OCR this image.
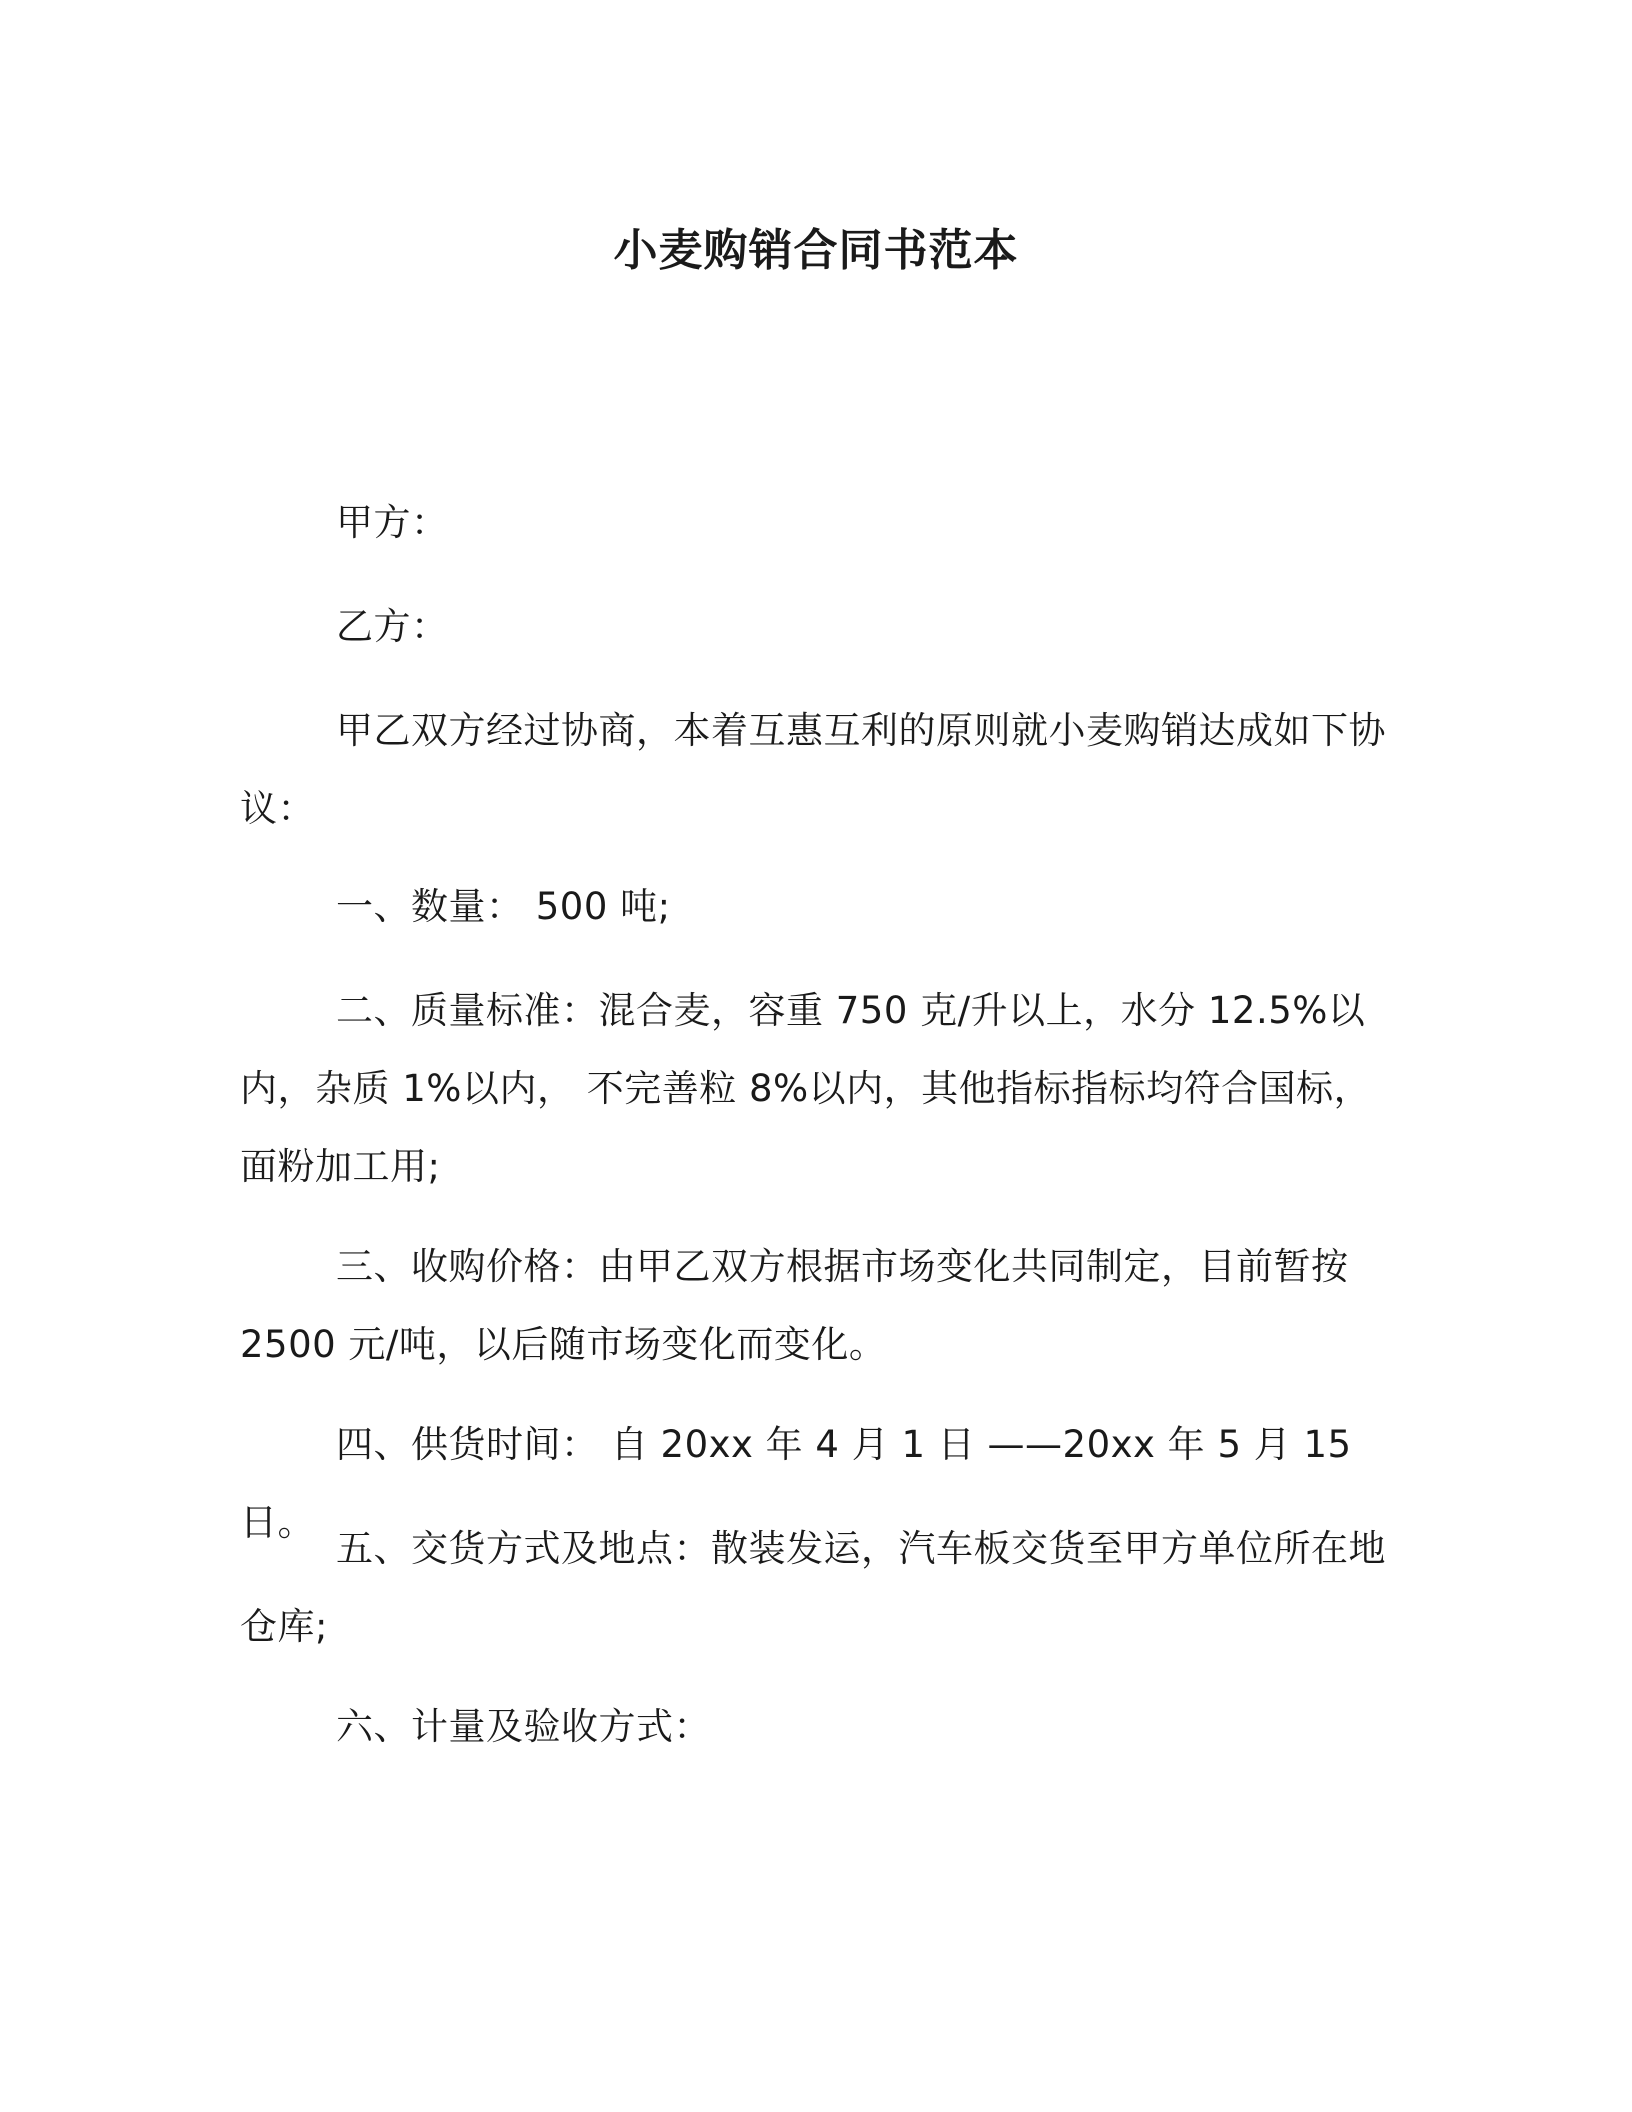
小麦购销合同书范本

甲方：

乙方：

甲乙双方经过协商，本着互惠互利的原则就小麦购销达成如下协议：

一、数量： 500 吨;

二、质量标准：混合麦，容重 750 克/升以上，水分 12.5%以内，杂质 1%以内， 不完善粒 8%以内，其他指标指标均符合国标，面粉加工用;

三、收购价格：由甲乙双方根据市场变化共同制定，目前暂按 2500 元/吨，以后随市场变化而变化。

四、供货时间： 自 20xx 年 4 月 1 日 ——20xx 年 5 月 15 日。

五、交货方式及地点：散装发运，汽车板交货至甲方单位所在地仓库;

六、计量及验收方式：
